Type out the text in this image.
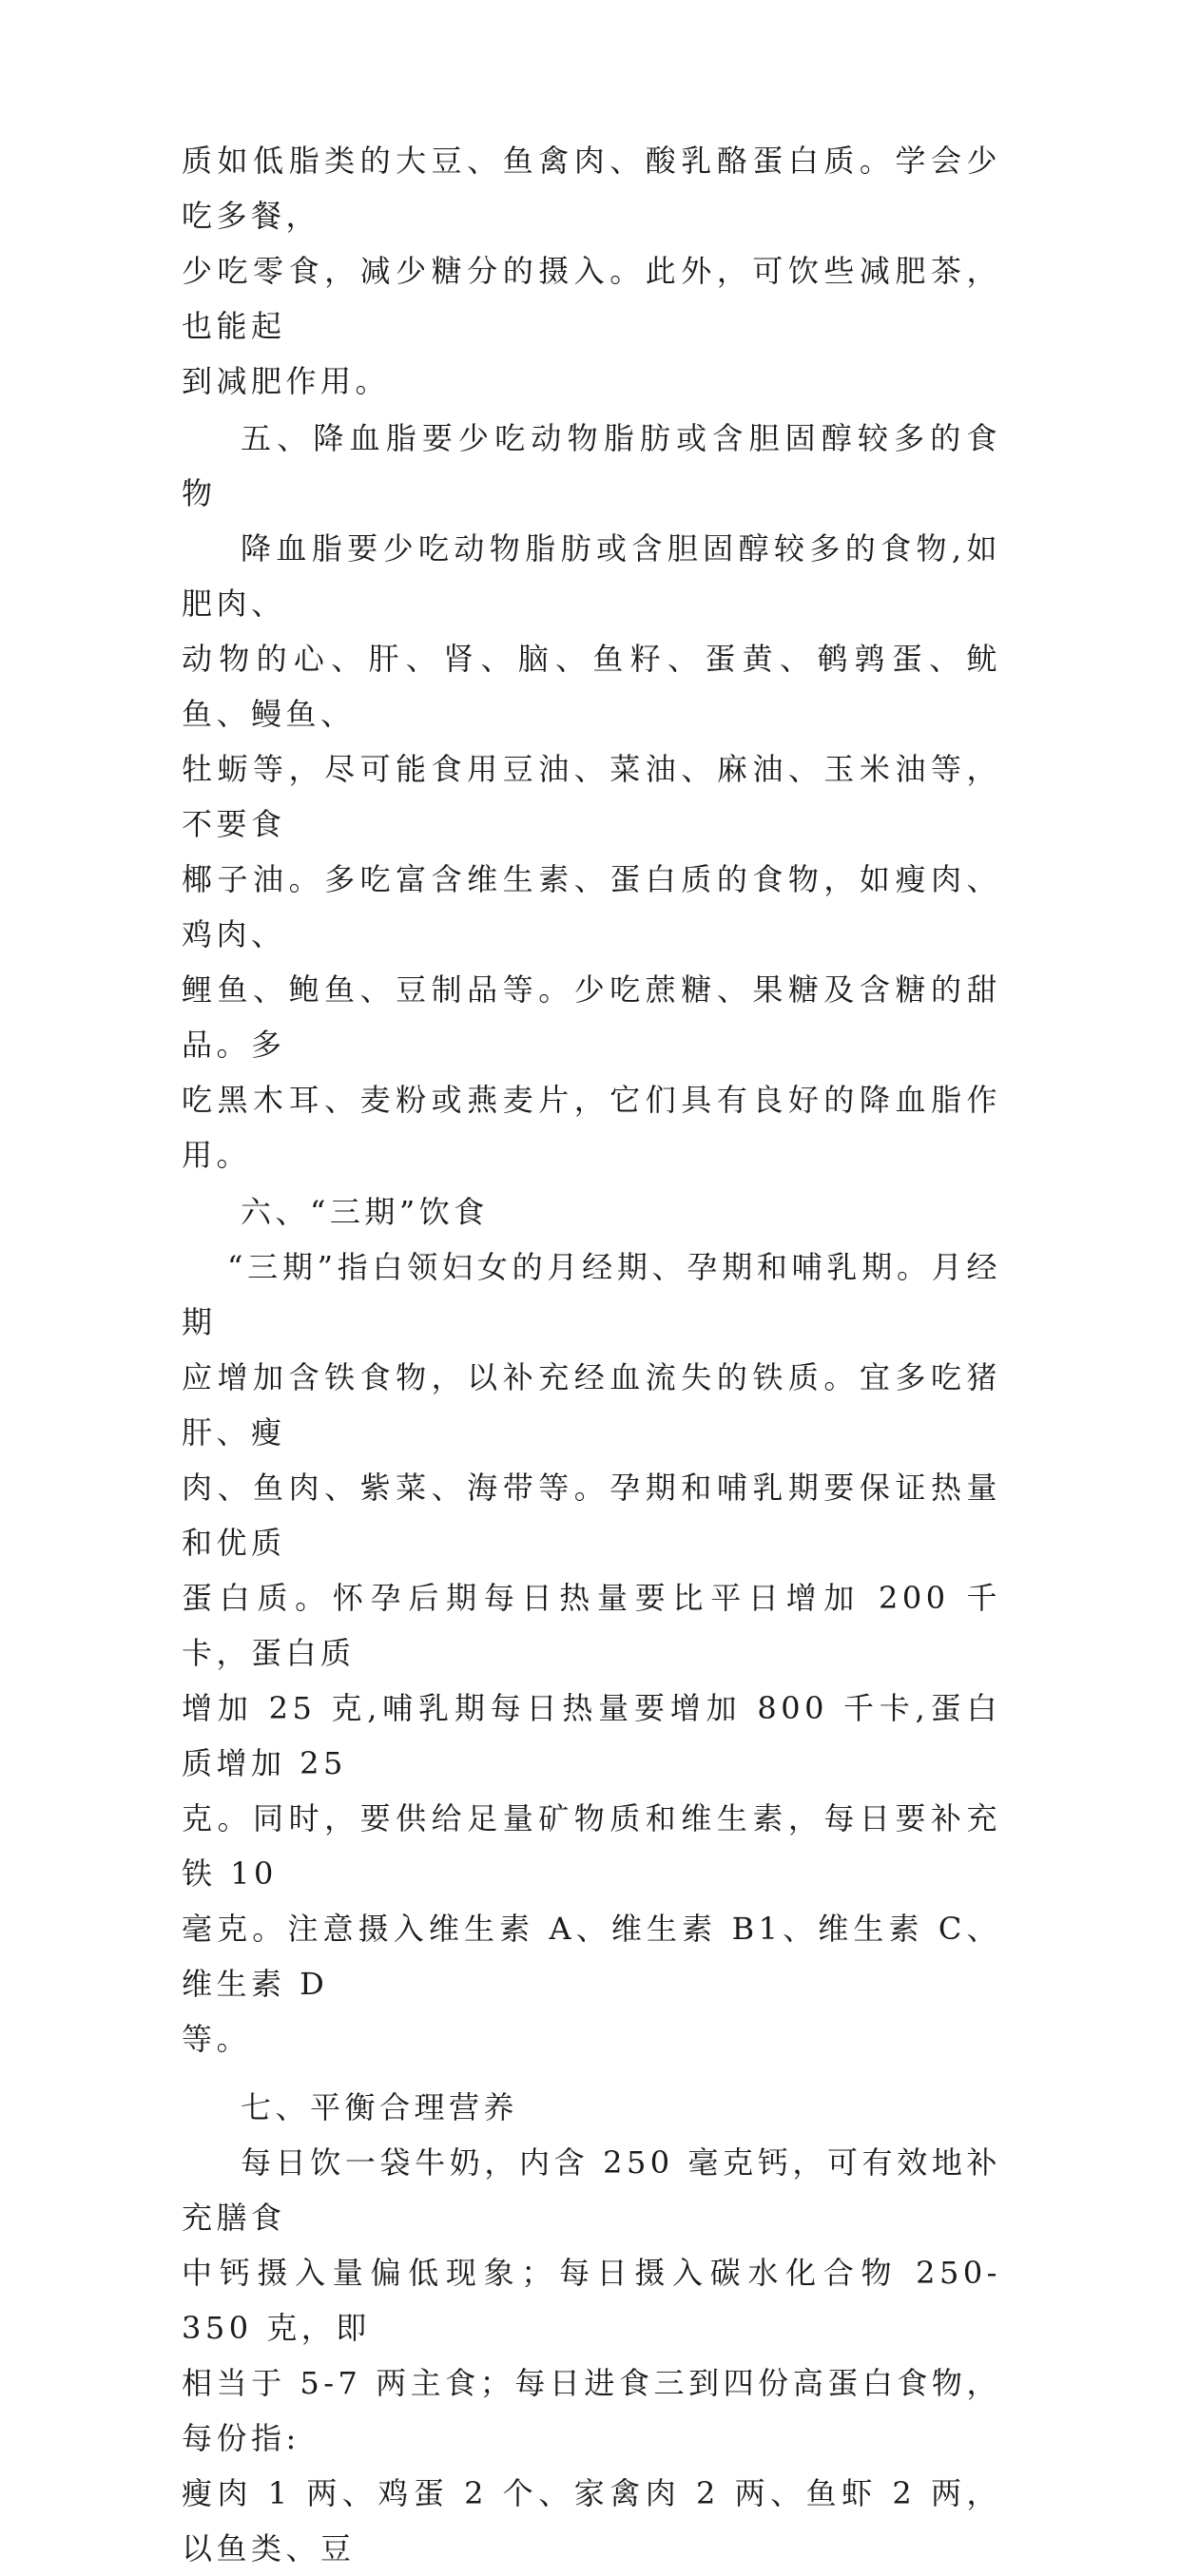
质如低脂类的大豆、鱼禽肉、酸乳酪蛋白质。学会少吃多餐，
少吃零食，减少糖分的摄入。此外，可饮些减肥茶，也能起
到减肥作用。
五、降血脂要少吃动物脂肪或含胆固醇较多的食物
降血脂要少吃动物脂肪或含胆固醇较多的食物,如肥肉、
动物的心、肝、肾、脑、鱼籽、蛋黄、鹌鹑蛋、鱿鱼、鳗鱼、
牡蛎等，尽可能食用豆油、菜油、麻油、玉米油等，不要食
椰子油。多吃富含维生素、蛋白质的食物，如瘦肉、鸡肉、
鲤鱼、鲍鱼、豆制品等。少吃蔗糖、果糖及含糖的甜品。多
吃黑木耳、麦粉或燕麦片，它们具有良好的降血脂作用。
六、“三期”饮食
“三期”指白领妇女的月经期、孕期和哺乳期。月经期
应增加含铁食物，以补充经血流失的铁质。宜多吃猪肝、瘦
肉、鱼肉、紫菜、海带等。孕期和哺乳期要保证热量和优质
蛋白质。怀孕后期每日热量要比平日增加 200 千卡，蛋白质
增加 25 克,哺乳期每日热量要增加 800 千卡,蛋白质增加 25
克。同时，要供给足量矿物质和维生素，每日要补充铁 10
毫克。注意摄入维生素 A、维生素 B1、维生素 C、维生素 D
等。
七、平衡合理营养
每日饮一袋牛奶，内含 250 毫克钙，可有效地补充膳食
中钙摄入量偏低现象；每日摄入碳水化合物 250-350 克，即
相当于 5-7 两主食；每日进食三到四份高蛋白食物，每份指:
瘦肉 1 两、鸡蛋 2 个、家禽肉 2 两、鱼虾 2 两，以鱼类、豆
